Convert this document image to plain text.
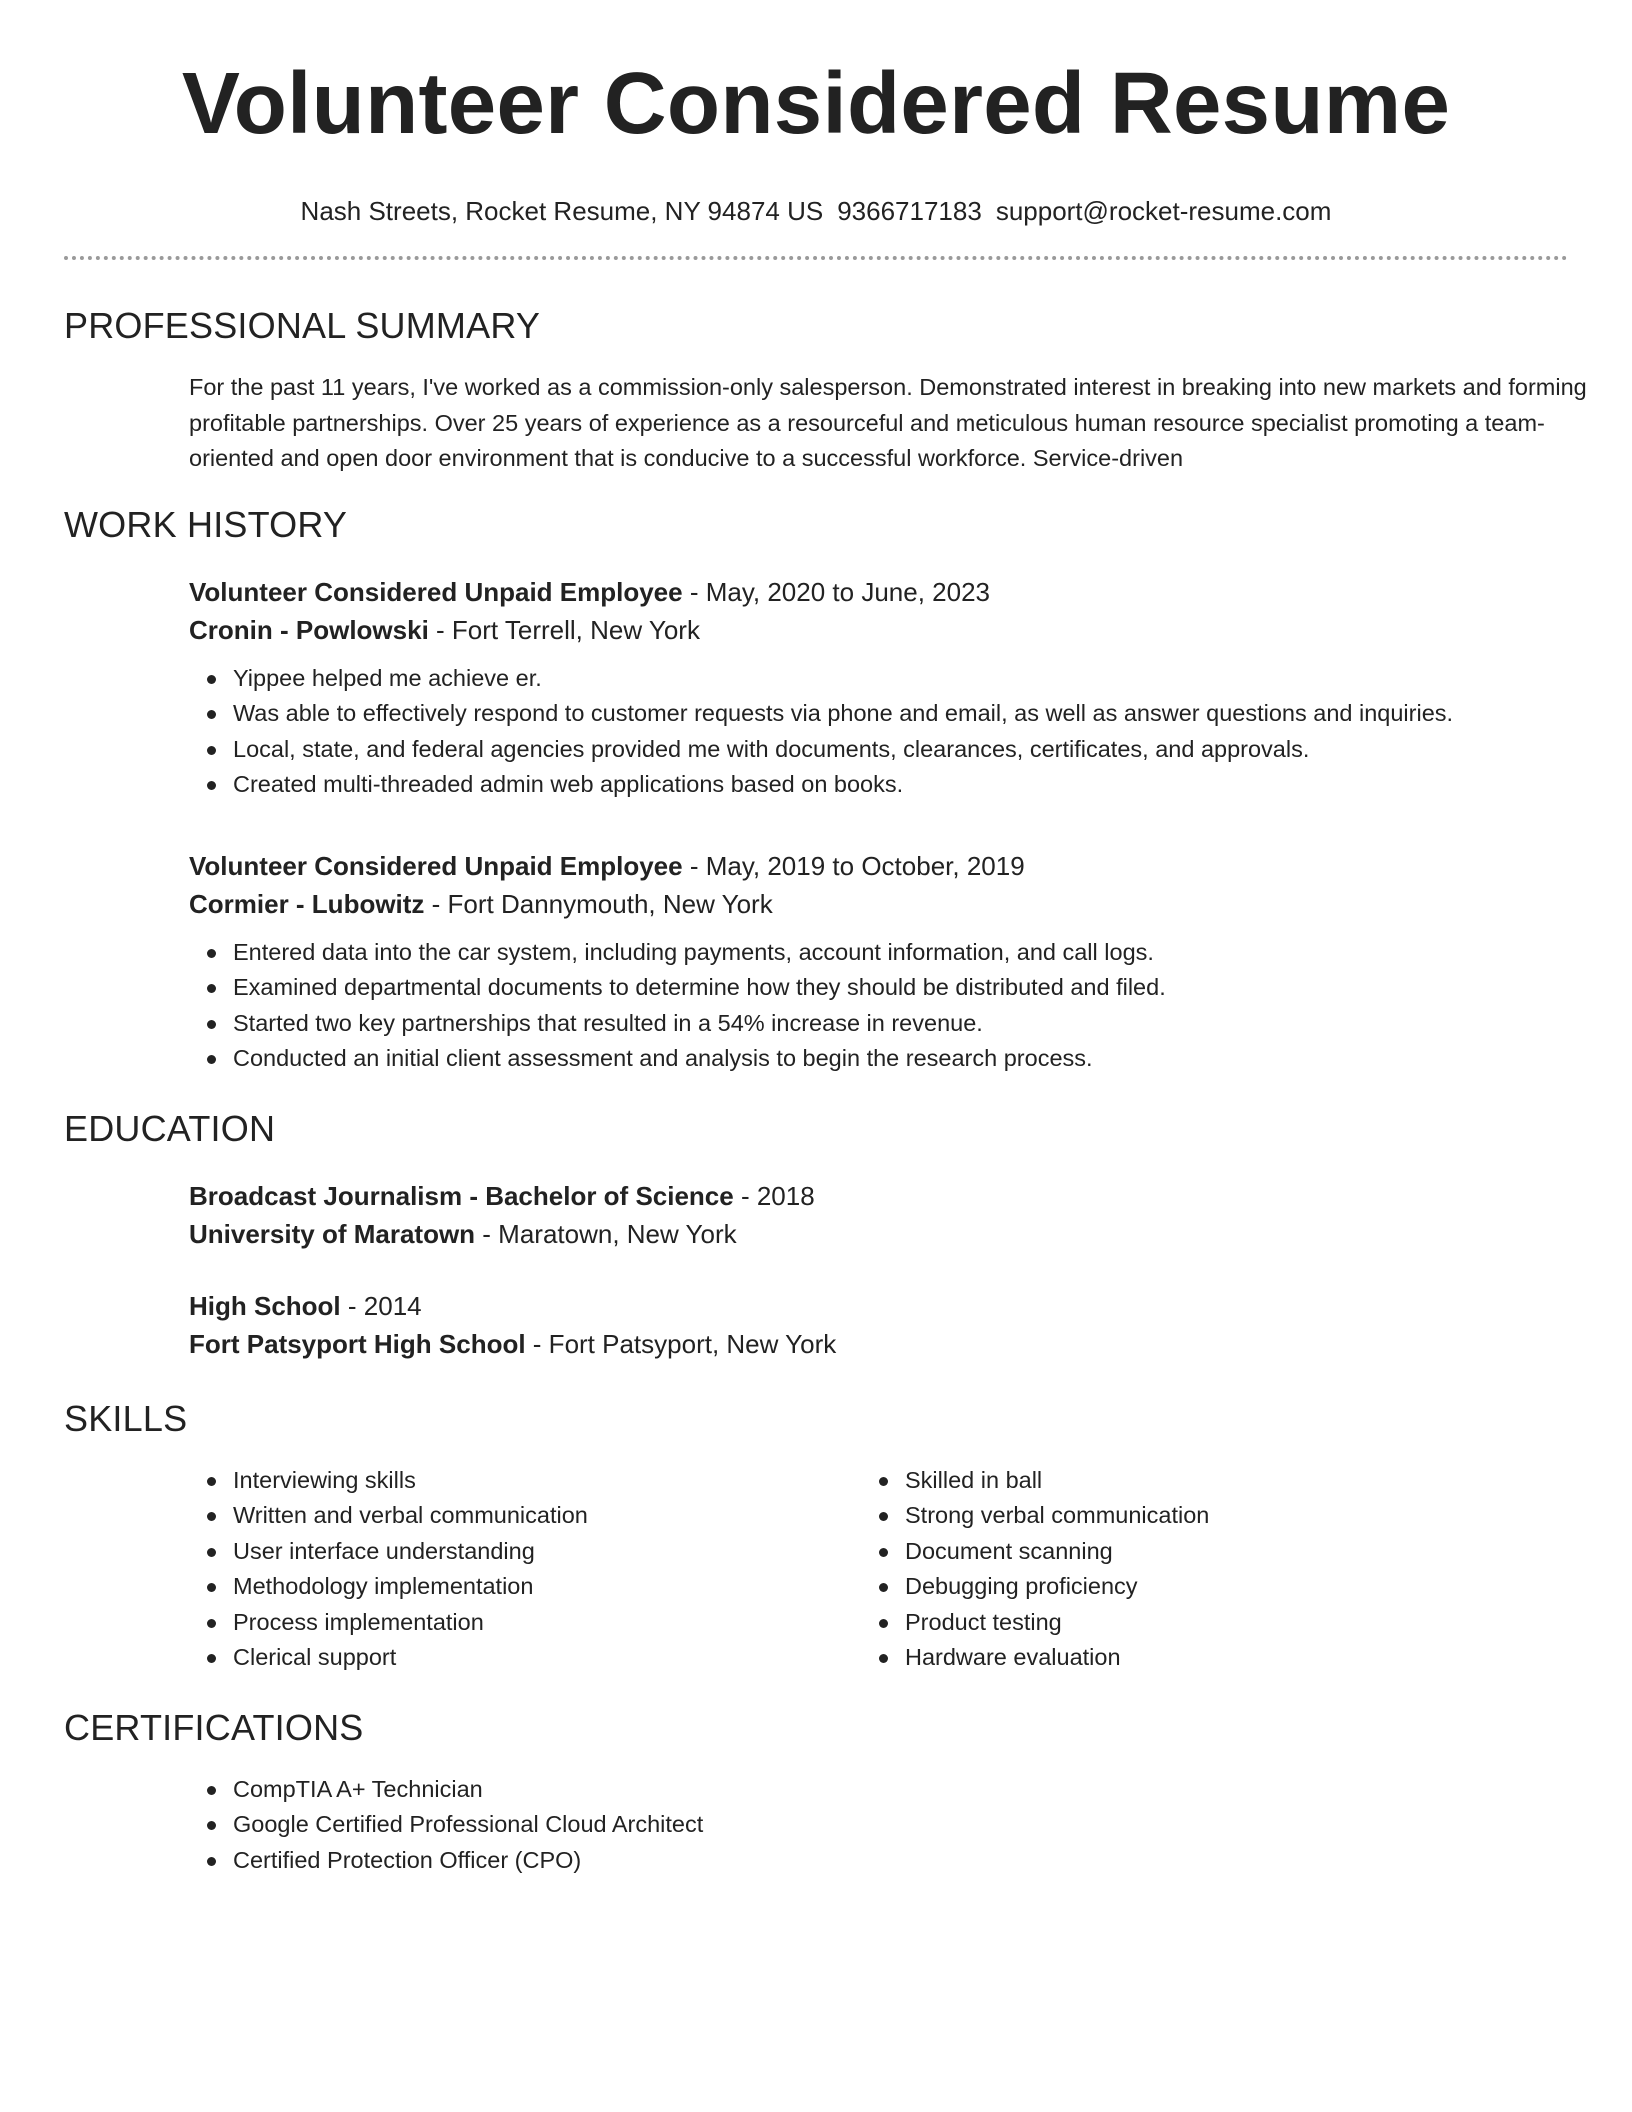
Volunteer Considered Resume
Nash Streets, Rocket Resume, NY 94874 US 9366717183 support@rocket-resume.com
PROFESSIONAL SUMMARY
For the past 11 years, I've worked as a commission-only salesperson. Demonstrated interest in breaking into new markets and forming profitable partnerships. Over 25 years of experience as a resourceful and meticulous human resource specialist promoting a team-oriented and open door environment that is conducive to a successful workforce. Service-driven
WORK HISTORY
Volunteer Considered Unpaid Employee - May, 2020 to June, 2023
Cronin - Powlowski - Fort Terrell, New York
Yippee helped me achieve er.
Was able to effectively respond to customer requests via phone and email, as well as answer questions and inquiries.
Local, state, and federal agencies provided me with documents, clearances, certificates, and approvals.
Created multi-threaded admin web applications based on books.
Volunteer Considered Unpaid Employee - May, 2019 to October, 2019
Cormier - Lubowitz - Fort Dannymouth, New York
Entered data into the car system, including payments, account information, and call logs.
Examined departmental documents to determine how they should be distributed and filed.
Started two key partnerships that resulted in a 54% increase in revenue.
Conducted an initial client assessment and analysis to begin the research process.
EDUCATION
Broadcast Journalism - Bachelor of Science - 2018
University of Maratown - Maratown, New York
High School - 2014
Fort Patsyport High School - Fort Patsyport, New York
SKILLS
Interviewing skills
Written and verbal communication
User interface understanding
Methodology implementation
Process implementation
Clerical support
Skilled in ball
Strong verbal communication
Document scanning
Debugging proficiency
Product testing
Hardware evaluation
CERTIFICATIONS
CompTIA A+ Technician
Google Certified Professional Cloud Architect
Certified Protection Officer (CPO)
